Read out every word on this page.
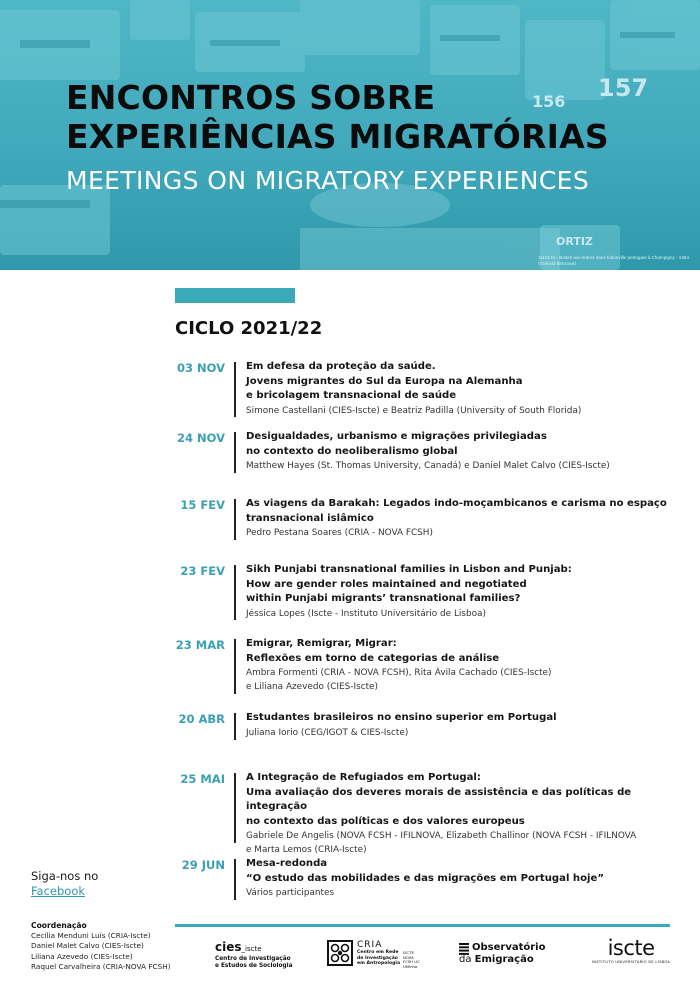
156 157
ORTIZ
ENCONTROS SOBRE
EXPERIÊNCIAS MIGRATÓRIAS
MEETINGS ON MIGRATORY EXPERIENCES
111017a - Boites aux lettres dans bidonville portugais à Champigny - 1964
©Gérald Bloncourt
CICLO 2021/22
03 NOV Em defesa da proteção da saúde.
Jovens migrantes do Sul da Europa na Alemanha
e bricolagem transnacional de saúde
Simone Castellani (CIES-Iscte) e Beatriz Padilla (University of South Florida)
24 NOV Desigualdades, urbanismo e migrações privilegiadas
no contexto do neoliberalismo global
Matthew Hayes (St. Thomas University, Canadá) e Daniel Malet Calvo (CIES-Iscte)
15 FEV As viagens da Barakah: Legados indo-moçambicanos e carisma no espaço
transnacional islâmico
Pedro Pestana Soares (CRIA - NOVA FCSH)
23 FEV Sikh Punjabi transnational families in Lisbon and Punjab:
How are gender roles maintained and negotiated
within Punjabi migrants’ transnational families?
Jéssica Lopes (Iscte - Instituto Universitário de Lisboa)
23 MAR Emigrar, Remigrar, Migrar:
Reflexões em torno de categorias de análise
Ambra Formenti (CRIA - NOVA FCSH), Rita Ávila Cachado (CIES-Iscte)
e Liliana Azevedo (CIES-Iscte)
20 ABR Estudantes brasileiros no ensino superior em Portugal
Juliana Iorio (CEG/IGOT & CIES-Iscte)
25 MAI A Integração de Refugiados em Portugal:
Uma avaliação dos deveres morais de assistência e das políticas de integração
no contexto das políticas e dos valores europeus
Gabriele De Angelis (NOVA FCSH - IFILNOVA, Elizabeth Challinor (NOVA FCSH - IFILNOVA
e Marta Lemos (CRIA-Iscte)
29 JUN Mesa-redonda
“O estudo das mobilidades e das migrações em Portugal hoje”
Vários participantes
Siga-nos no
Facebook
Coordenação
Cecília Menduni Luís (CRIA-Iscte)
Daniel Malet Calvo (CIES-Iscte)
Liliana Azevedo (CIES-Iscte)
Raquel Carvalheira (CRIA-NOVA FCSH)
cies_iscte
Centro de Investigação
e Estudos de Sociologia
CRIA
Centro em Rede
de Investigação
em Antropologia
ISCTE NOVA FCSH UC UMinho
Observatório
da Emigração	iscte
INSTITUTO UNIVERSITÁRIO DE LISBOA
